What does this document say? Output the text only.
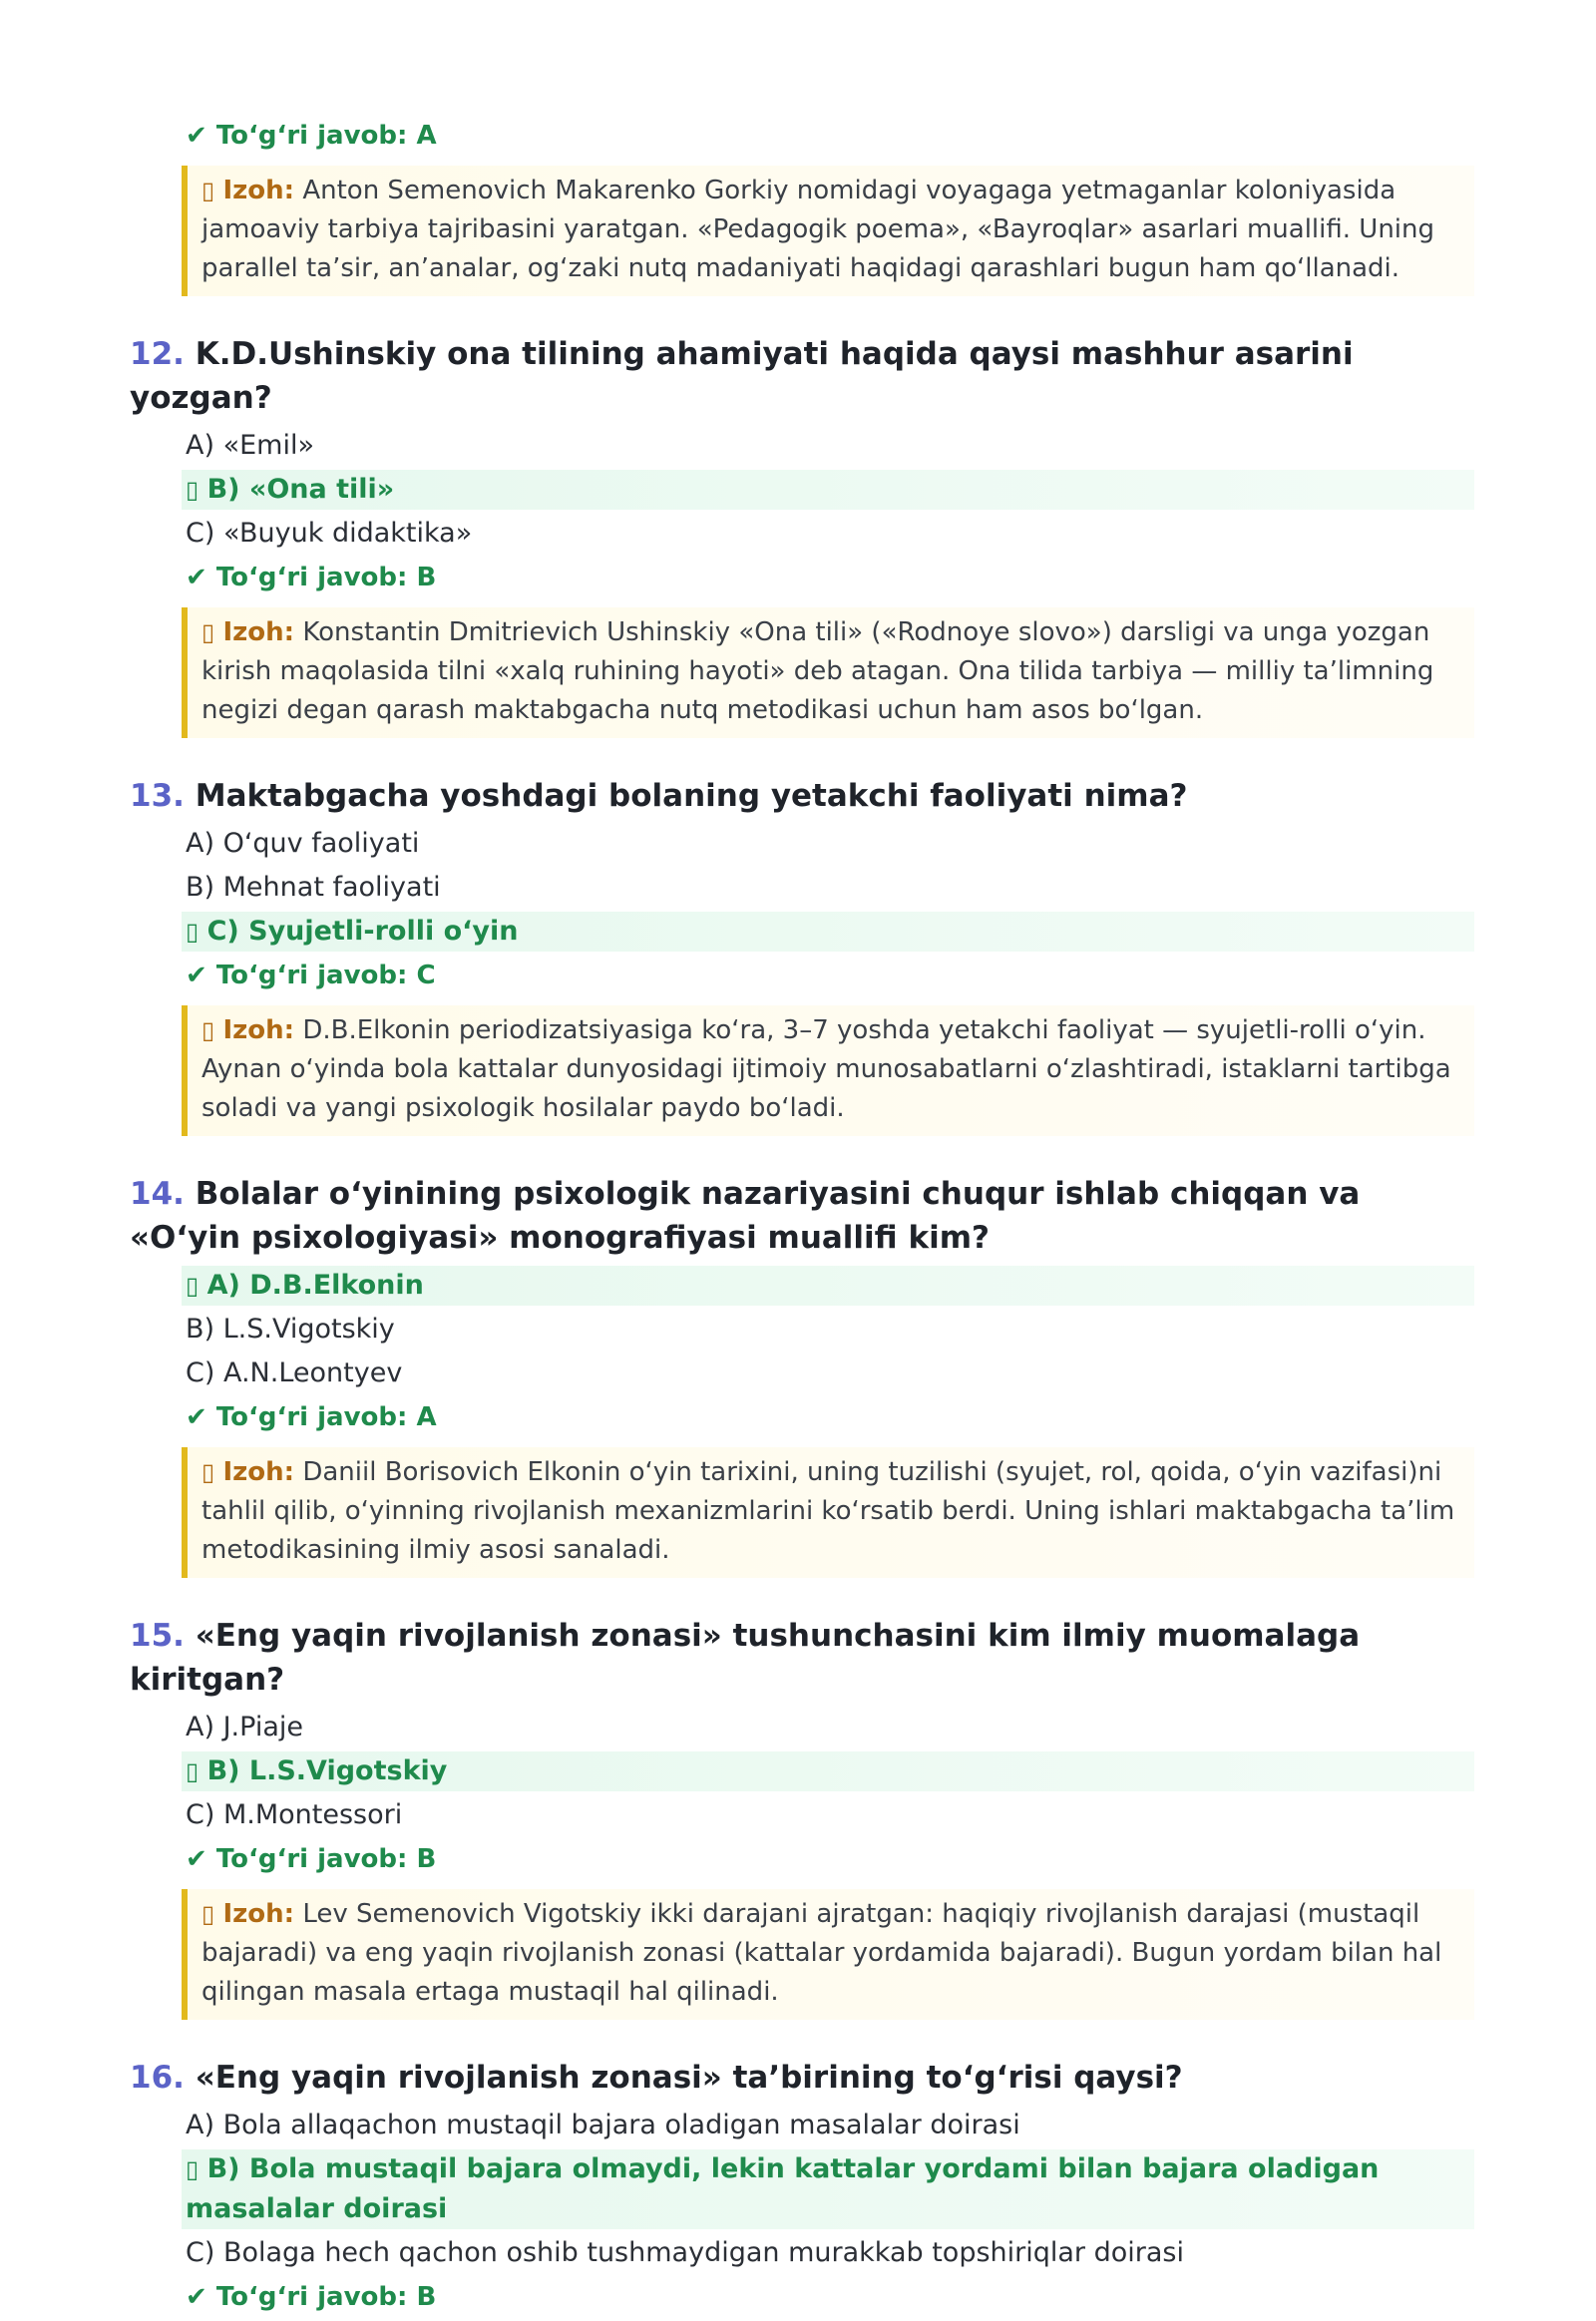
✔ To‘g‘ri javob: A
▯ Izoh: Anton Semenovich Makarenko Gorkiy nomidagi voyagaga yetmaganlar koloniyasida jamoaviy tarbiya tajribasini yaratgan. «Pedagogik poema», «Bayroqlar» asarlari muallifi. Uning parallel ta’sir, an’analar, og‘zaki nutq madaniyati haqidagi qarashlari bugun ham qo‘llanadi.
12. K.D.Ushinskiy ona tilining ahamiyati haqida qaysi mashhur asarini yozgan?
A) «Emil»
▯ B) «Ona tili»
C) «Buyuk didaktika»
✔ To‘g‘ri javob: B
▯ Izoh: Konstantin Dmitrievich Ushinskiy «Ona tili» («Rodnoye slovo») darsligi va unga yozgan kirish maqolasida tilni «xalq ruhining hayoti» deb atagan. Ona tilida tarbiya — milliy ta’limning negizi degan qarash maktabgacha nutq metodikasi uchun ham asos bo‘lgan.
13. Maktabgacha yoshdagi bolaning yetakchi faoliyati nima?
A) O‘quv faoliyati
B) Mehnat faoliyati
▯ C) Syujetli-rolli o‘yin
✔ To‘g‘ri javob: C
▯ Izoh: D.B.Elkonin periodizatsiyasiga ko‘ra, 3–7 yoshda yetakchi faoliyat — syujetli-rolli o‘yin. Aynan o‘yinda bola kattalar dunyosidagi ijtimoiy munosabatlarni o‘zlashtiradi, istaklarni tartibga soladi va yangi psixologik hosilalar paydo bo‘ladi.
14. Bolalar o‘yinining psixologik nazariyasini chuqur ishlab chiqqan va «O‘yin psixologiyasi» monografiyasi muallifi kim?
▯ A) D.B.Elkonin
B) L.S.Vigotskiy
C) A.N.Leontyev
✔ To‘g‘ri javob: A
▯ Izoh: Daniil Borisovich Elkonin o‘yin tarixini, uning tuzilishi (syujet, rol, qoida, o‘yin vazifasi)ni tahlil qilib, o‘yinning rivojlanish mexanizmlarini ko‘rsatib berdi. Uning ishlari maktabgacha ta’lim metodikasining ilmiy asosi sanaladi.
15. «Eng yaqin rivojlanish zonasi» tushunchasini kim ilmiy muomalaga kiritgan?
A) J.Piaje
▯ B) L.S.Vigotskiy
C) M.Montessori
✔ To‘g‘ri javob: B
▯ Izoh: Lev Semenovich Vigotskiy ikki darajani ajratgan: haqiqiy rivojlanish darajasi (mustaqil bajaradi) va eng yaqin rivojlanish zonasi (kattalar yordamida bajaradi). Bugun yordam bilan hal qilingan masala ertaga mustaqil hal qilinadi.
16. «Eng yaqin rivojlanish zonasi» ta’birining to‘g‘risi qaysi?
A) Bola allaqachon mustaqil bajara oladigan masalalar doirasi
▯ B) Bola mustaqil bajara olmaydi, lekin kattalar yordami bilan bajara oladigan masalalar doirasi
C) Bolaga hech qachon oshib tushmaydigan murakkab topshiriqlar doirasi
✔ To‘g‘ri javob: B
